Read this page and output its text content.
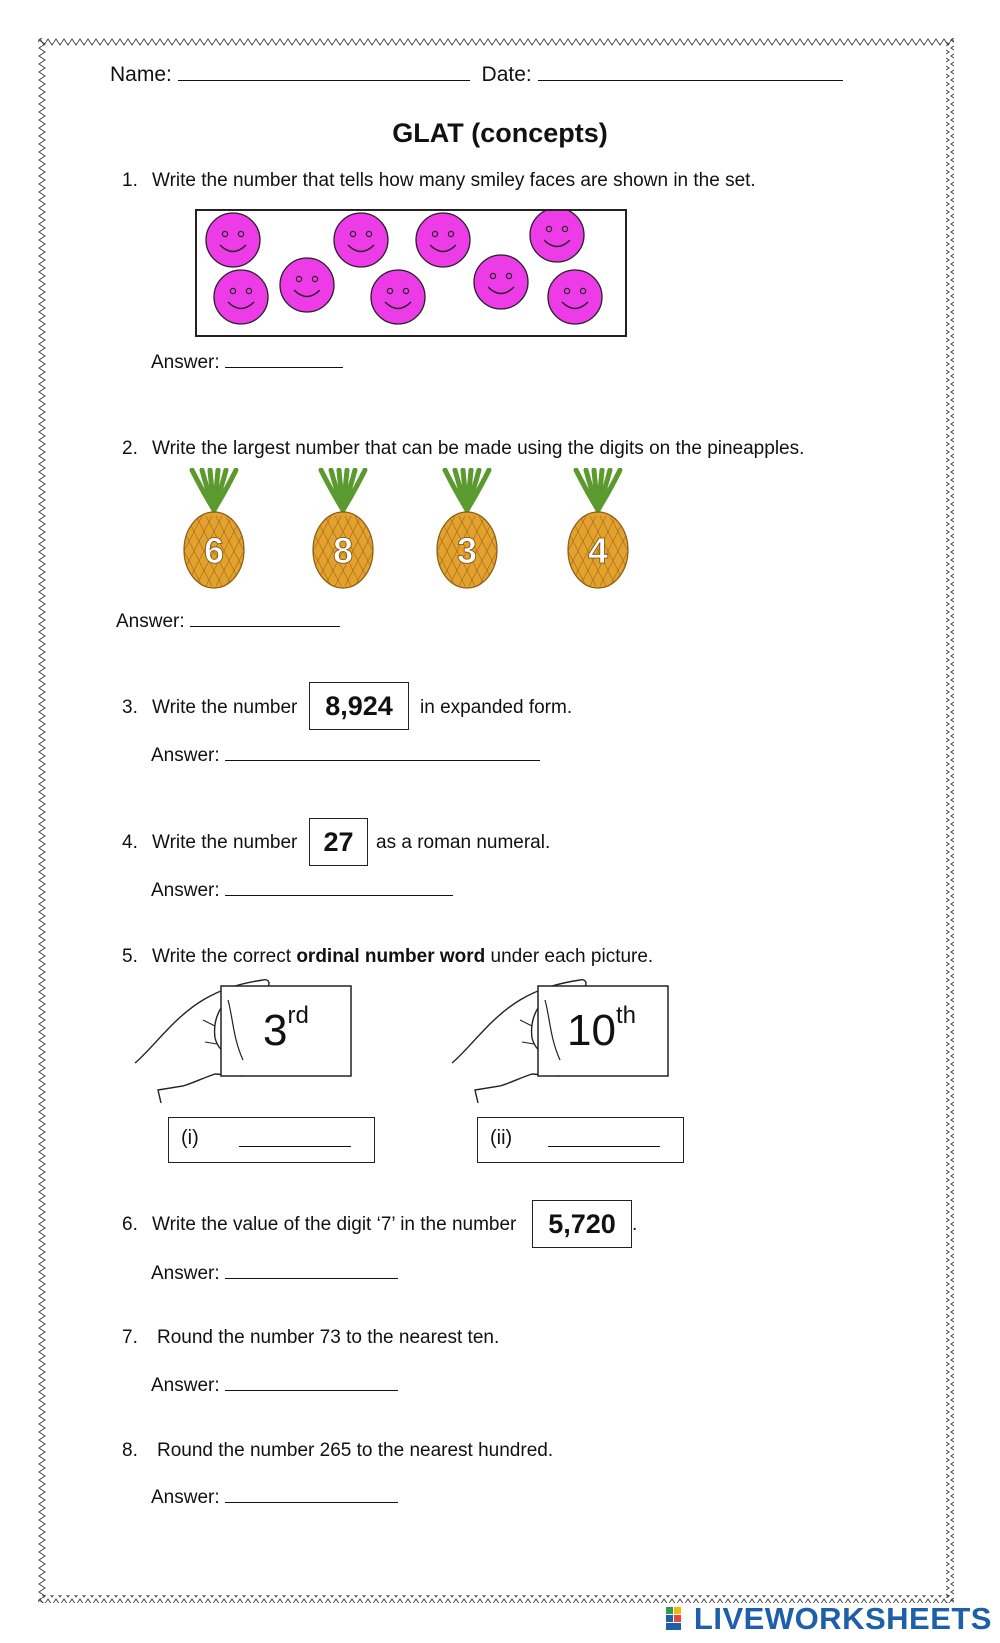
Name:	Date:
GLAT (concepts)
1. Write the number that tells how many smiley faces are shown in the set.
Answer:
2. Write the largest number that can be made using the digits on the pineapples.
6	8	3	4
Answer:
3. Write the number	8,924	in expanded form.
Answer:
4. Write the number 27	as a roman numeral.
Answer:
5. Write the correct ordinal number word under each picture.
3rd
(i)
10th
(ii)
6. Write the value of the digit ‘7’ in the number	5,720 .
Answer:
7. Round the number 73 to the nearest ten.
Answer:
8. Round the number 265 to the nearest hundred.
Answer:
LIVEWORKSHEETS
